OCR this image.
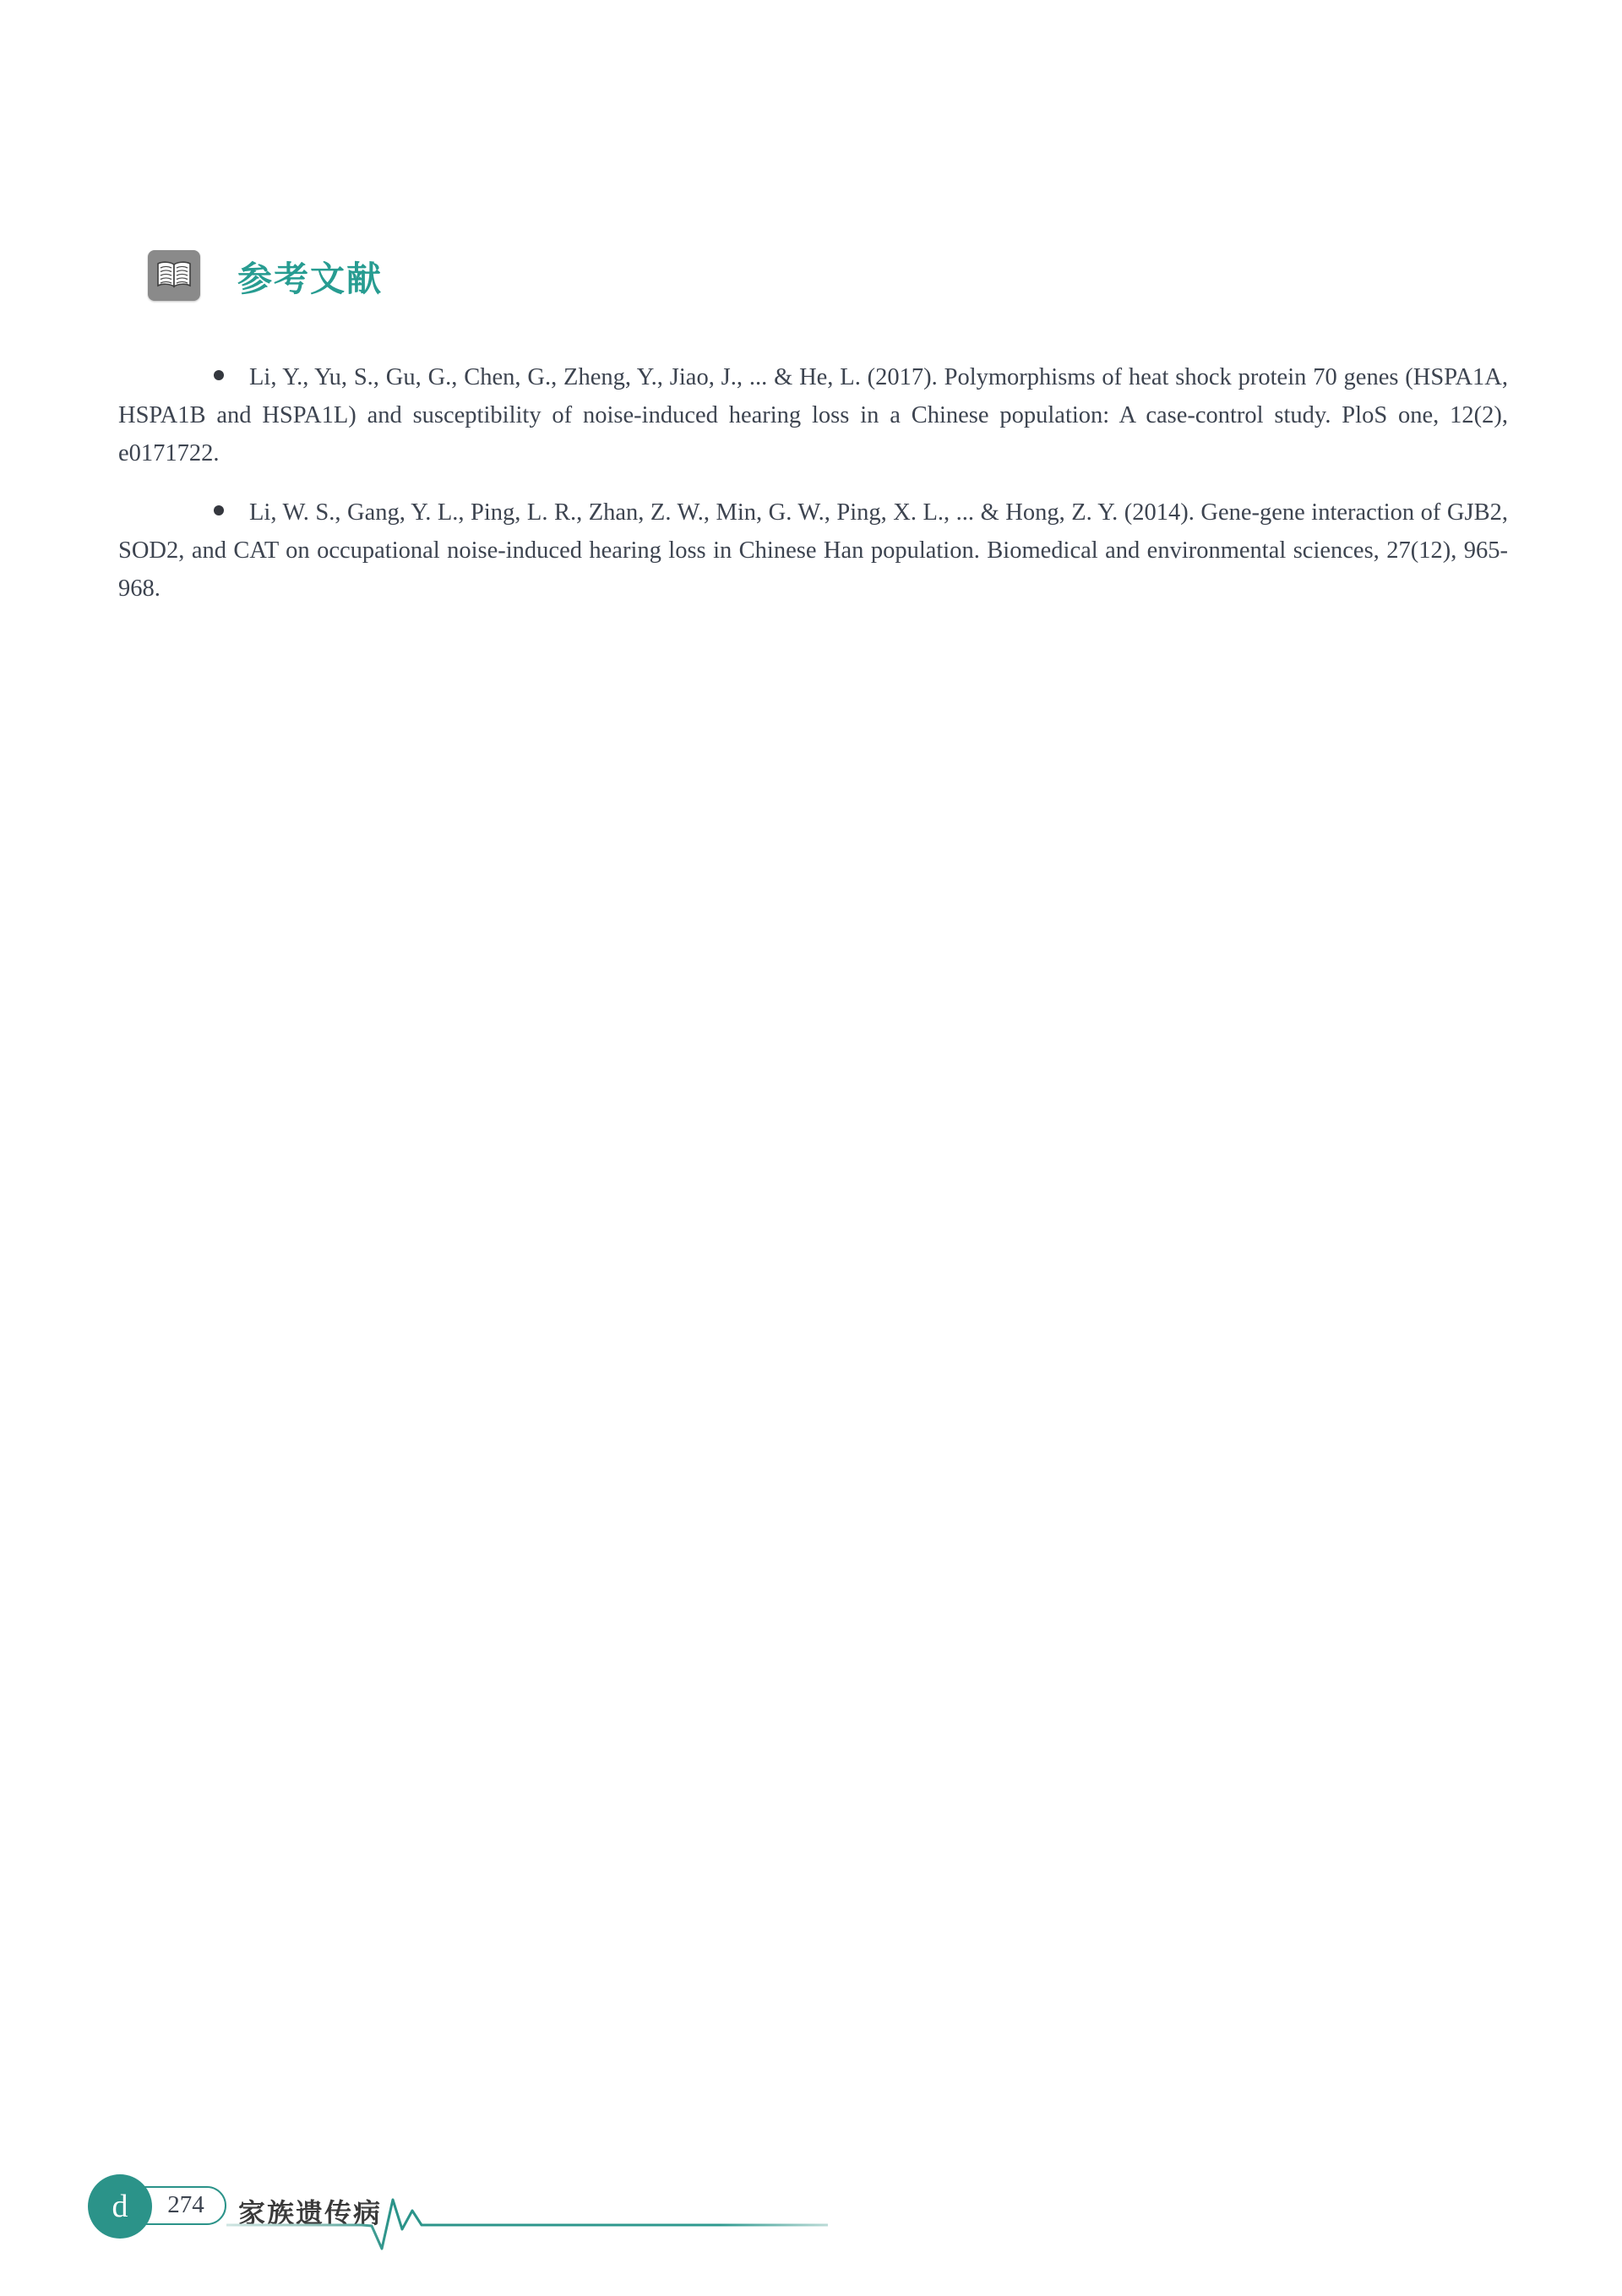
参考文献

Li, Y., Yu, S., Gu, G., Chen, G., Zheng, Y., Jiao, J., ... & He, L. (2017). Polymorphisms of heat shock protein 70 genes (HSPA1A, HSPA1B and HSPA1L) and susceptibility of noise-induced hearing loss in a Chinese population: A case-control study. PloS one, 12(2), e0171722.

Li, W. S., Gang, Y. L., Ping, L. R., Zhan, Z. W., Min, G. W., Ping, X. L., ... & Hong, Z. Y. (2014). Gene-gene interaction of GJB2, SOD2, and CAT on occupational noise-induced hearing loss in Chinese Han population. Biomedical and environmental sciences, 27(12), 965-968.

274
d	家族遗传病
